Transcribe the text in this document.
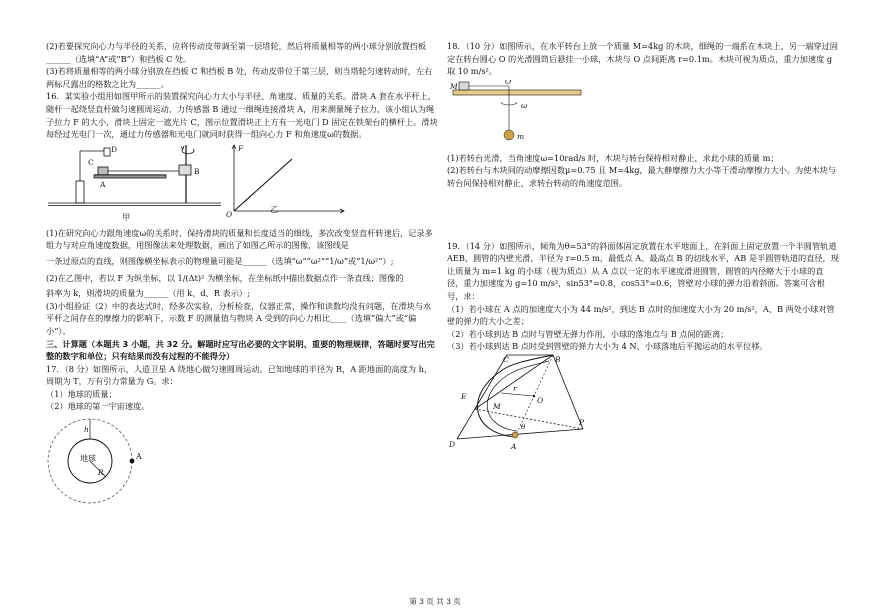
(2)若要探究向心力与半径的关系，应将传动皮带调至第一层塔轮，然后将质量相等的两小球分别放置挡板______（选填“A”或“B”）和挡板 C 处。

(3)若将质量相等的两小球分别放在挡板 C 和挡板 B 处，传动皮带位于第三层，则当塔轮匀速转动时，左右两标尺露出的格数之比为______。

16．某实验小组用如图甲所示的装置探究向心力大小与半径、角速度、质量的关系。滑块 A 套在水平杆上，随杆一起绕竖直杆做匀速圆周运动，力传感器 B 通过一细绳连接滑块 A，用来测量绳子拉力，该小组认为绳子拉力 F 的大小，滑块上固定一遮光片 C，图示位置滑块正上方有一光电门 D 固定在铁架台的横杆上。滑块每经过光电门一次，通过力传感器和光电门就同时获得一组向心力 F 和角速度ω的数据。

D
C
A
B
F
O
甲
乙

(1)在研究向心力跟角速度ω的关系时，保持滑块的质量和长度适当的细线，多次改变竖直杆转速后，记录多组力与对应角速度数据，用图像法来处理数据，画出了如图乙所示的图像，该图线是

一条过原点的直线，则图像横坐标表示的物理量可能是______（选填“ω”“ω²”“1/ω”或“1/ω²”）;

(2)在乙图中，若以 F 为纵坐标，以 1/(Δt)² 为横坐标，在坐标纸中描出数据点作一条直线；图像的

斜率为 k，则滑块的质量为______（用 k、d、R 表示）;

(3)小组验证（2）中的表达式时，经多次实验，分析检查，仪器正常，操作和读数均没有问题，在滑块与水平杆之间存在的摩擦力的影响下，示数 F 的测量值与物块 A 受到的向心力相比____（选填“偏大”或“偏小”）。

三、计算题（本题共 3 小题，共 32 分。解题时应写出必要的文字说明、重要的物理规律，答题时要写出完整的数字和单位；只有结果而没有过程的不能得分）

17．（8 分）如图所示，人造卫星 A 绕地心做匀速圆周运动。已知地球的半径为 R，A 距地面的高度为 h，周期为 T，万有引力常量为 G。求：

（1）地球的质量；

（2）地球的第一宇宙速度。

地球
h
A
R

18．（10 分）如图所示，在水平转台上放一个质量 M=4kg 的木块，细绳的一端系在木块上，另一端穿过固定在转台圆心 O 的光滑圆筒后悬挂一小球，木块与 O 点间距离 r=0.1m。木块可视为质点，重力加速度 g 取 10 m/s²。

M
O
ω
m

(1)若转台光滑，当角速度ω=10rad/s 时，木块与转台保持相对静止，求此小球的质量 m；

(2)若转台与木块间的动摩擦因数μ=0.75 且 M=4kg，最大静摩擦力大小等于滑动摩擦力大小。为使木块与转台间保持相对静止，求转台转动的角速度范围。

19．（14 分）如图所示，倾角为θ=53°的斜面体固定放置在水平地面上，在斜面上固定放置一个半圆管轨道 AEB，圆管的内壁光滑，半径为 r=0.5 m，最低点 A、最高点 B 的切线水平，AB 是半圆管轨道的直径，现让质量为 m=1 kg 的小球（视为质点）从 A 点以一定的水平速度滑进圆管，圆管的内径略大于小球的直径，重力加速度为 g=10 m/s²，sin53°=0.8，cos53°=0.6，管壁对小球的弹力沿着斜面。答案可含根号，求：

（1）若小球在 A 点的加速度大小为 44 m/s²，到达 B 点时的加速度大小为 20 m/s²，A、B 两处小球对管壁的弹力的大小之差；

（2）若小球到达 B 点时与管壁无弹力作用，小球的落地点与 B 点间的距离；

（3）若小球到达 B 点时受到管壁的弹力大小为 4 N，小球落地后平抛运动的水平位移。

C	B
E
r
M
O
P
D	A
θ
第 3 页 共 3 页
